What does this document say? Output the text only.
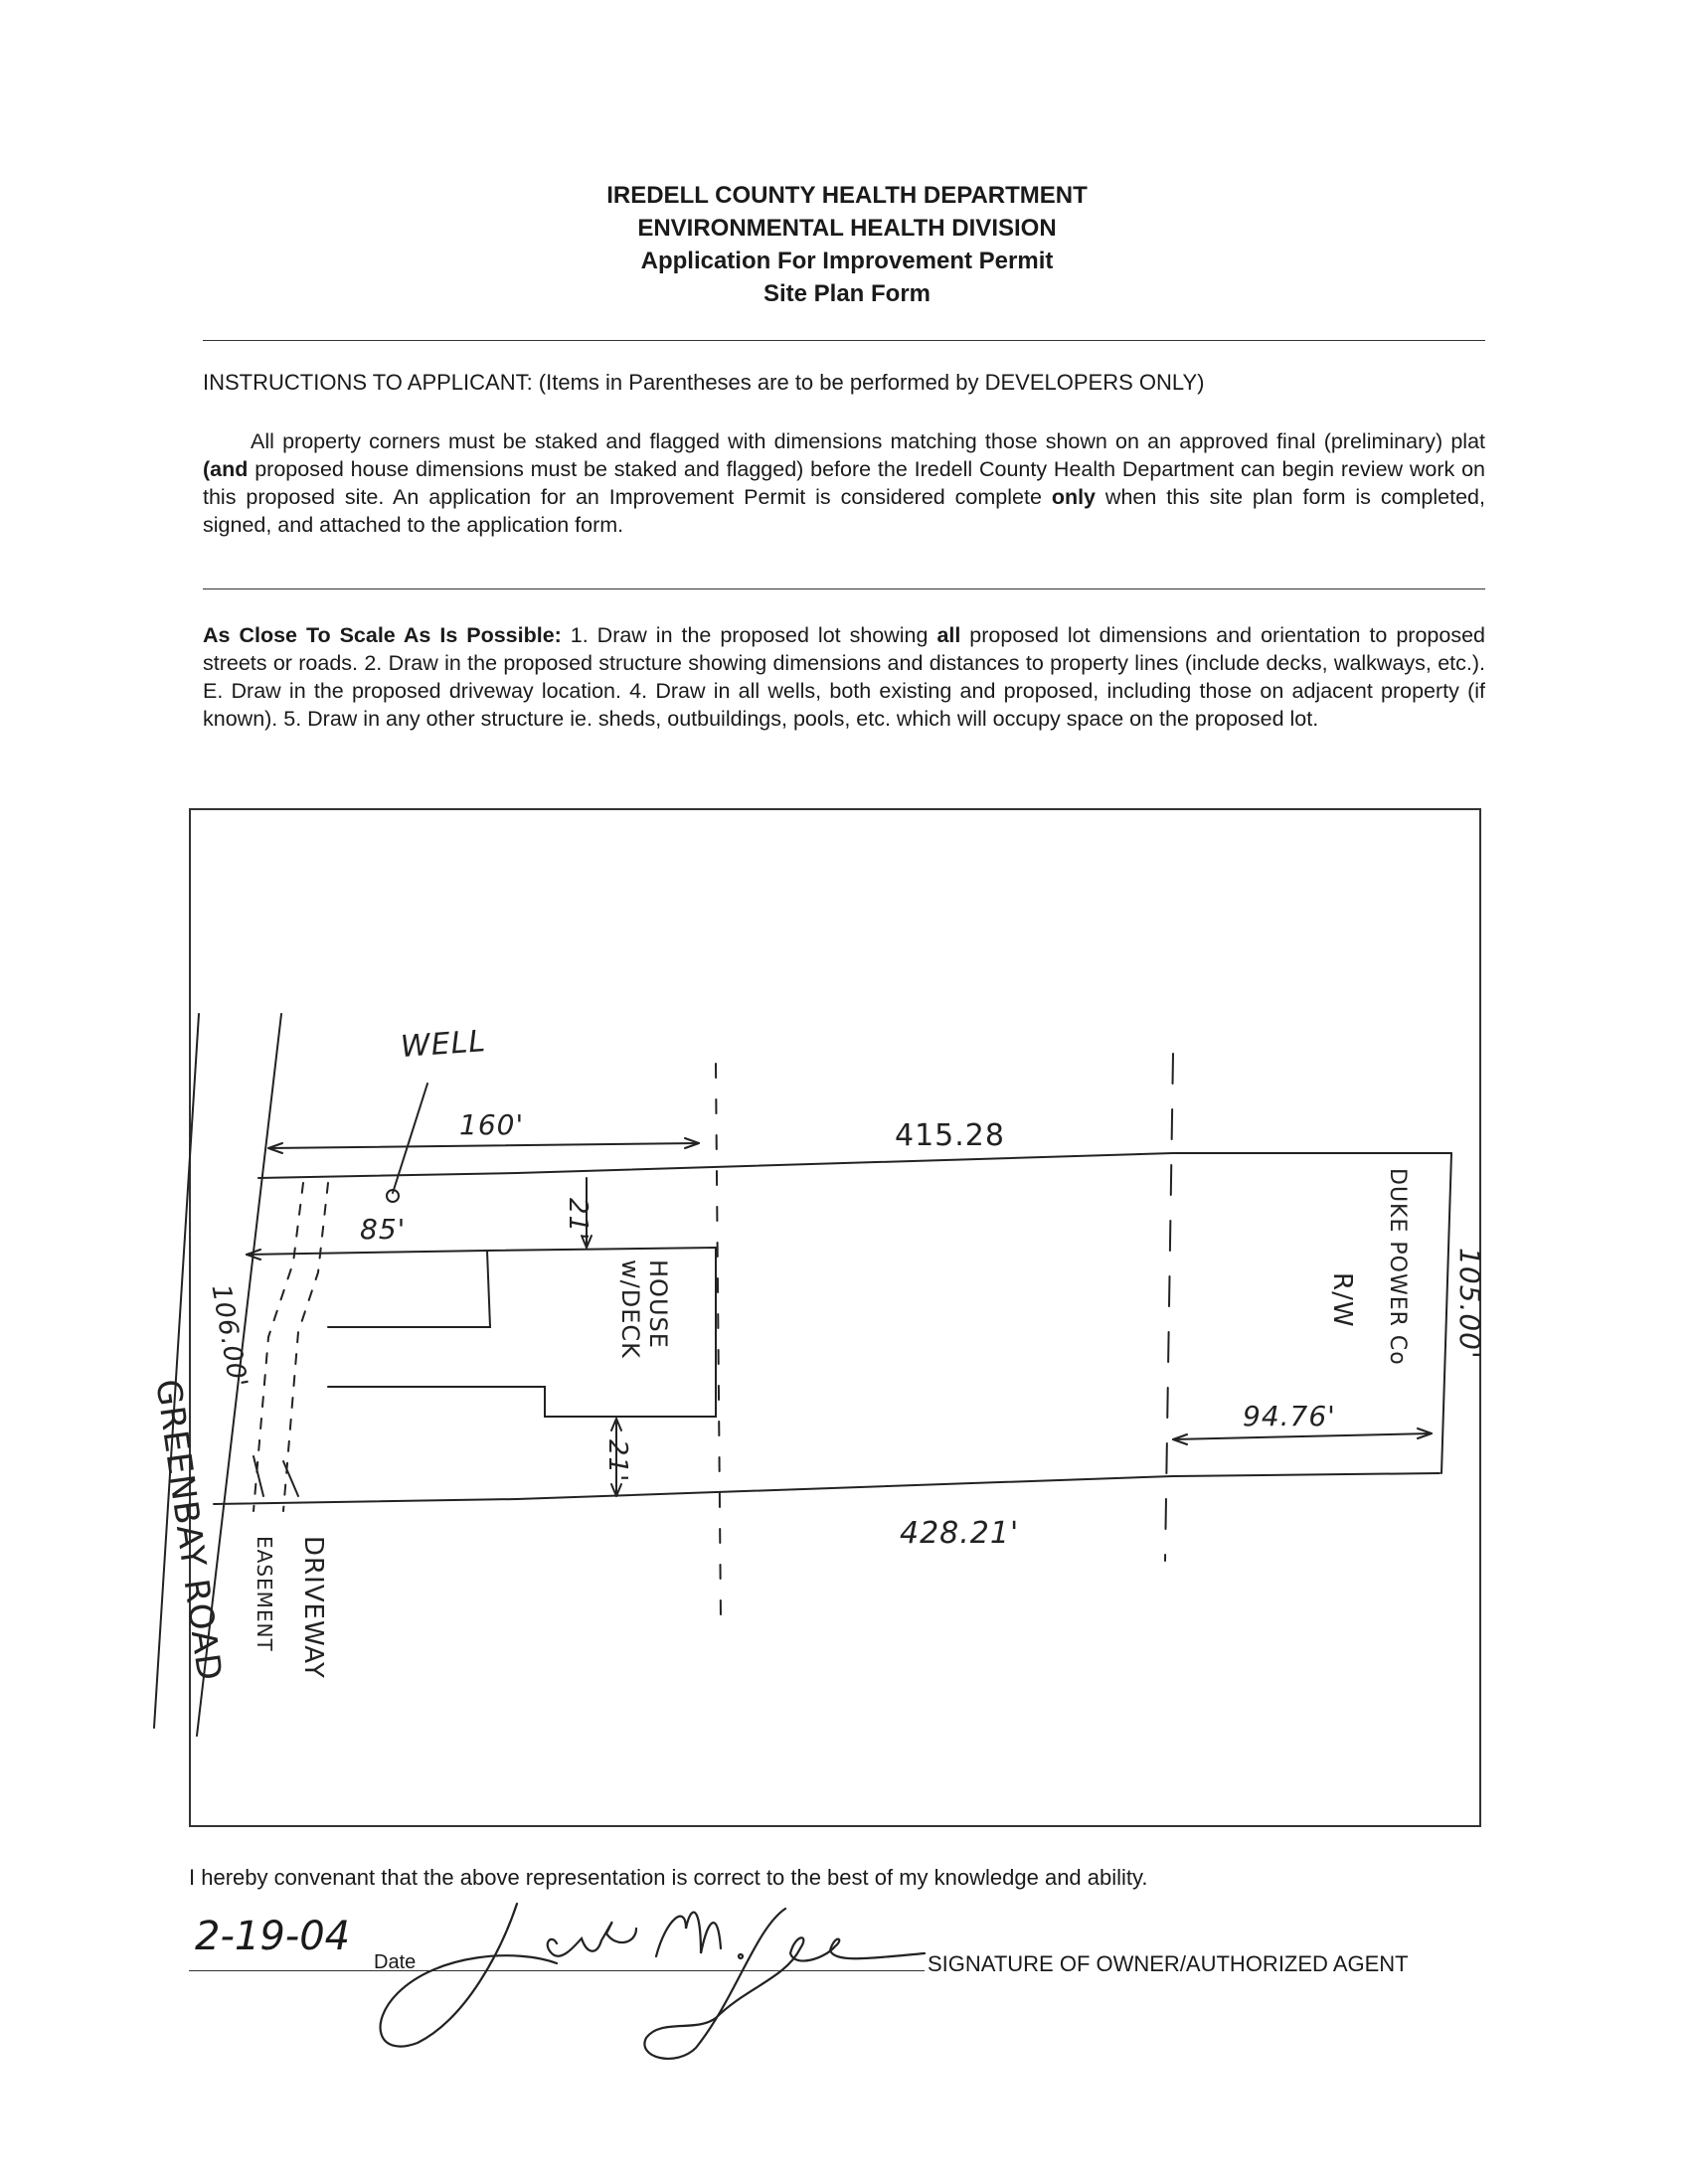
IREDELL COUNTY HEALTH DEPARTMENT
ENVIRONMENTAL HEALTH DIVISION
Application For Improvement Permit
Site Plan Form
INSTRUCTIONS TO APPLICANT: (Items in Parentheses are to be performed by DEVELOPERS ONLY)
All property corners must be staked and flagged with dimensions matching those shown on an approved final (preliminary) plat (and proposed house dimensions must be staked and flagged) before the Iredell County Health Department can begin review work on this proposed site. An application for an Improvement Permit is considered complete only when this site plan form is completed, signed, and attached to the application form.
As Close To Scale As Is Possible: 1. Draw in the proposed lot showing all proposed lot dimensions and orientation to proposed streets or roads. 2. Draw in the proposed structure showing dimensions and distances to property lines (include decks, walkways, etc.). E. Draw in the proposed driveway location. 4. Draw in all wells, both existing and proposed, including those on adjacent property (if known). 5. Draw in any other structure ie. sheds, outbuildings, pools, etc. which will occupy space on the proposed lot.
WELL
160'	415.28
85'	21'
21'
HOUSE w/DECK
106.00'
GREENBAY ROAD	EASEMENT DRIVEWAY
428.21'
R/W DUKE POWER Co 105.00'
94.76'
I hereby convenant that the above representation is correct to the best of my knowledge and ability.
2-19-04
Date	SIGNATURE OF OWNER/AUTHORIZED AGENT
